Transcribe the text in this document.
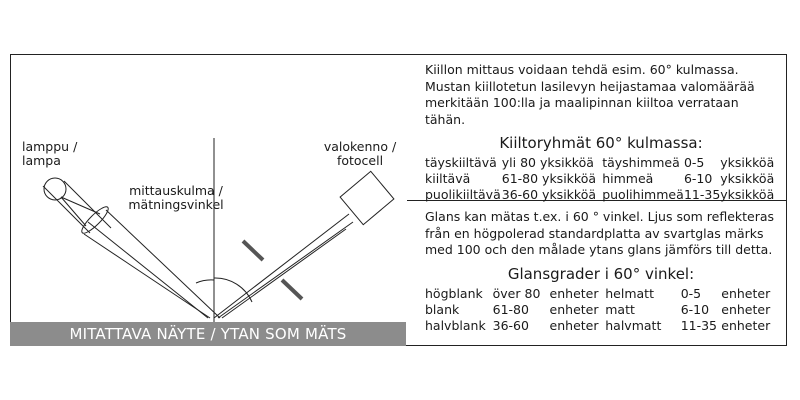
lamppu /
lampa
mittauskulma /
mätningsvinkel
valokenno /
fotocell
MITATTAVA NÄYTE / YTAN SOM MÄTS

Kiillon mittaus voidaan tehdä esim. 60° kulmassa. Mustan kiillotetun lasilevyn heijastamaa valomäärää merkitään 100:lla ja maalipinnan kiiltoa verrataan tähän.

Kiiltoryhmät 60° kulmassa:
täyskiiltävä	yli 80 yksikköä	täyshimmeä	0-5	yksikköä
kiiltävä	61-80 yksikköä	himmeä	6-10	yksikköä
puolikiiltävä	36-60 yksikköä	puolihimmeä	11-35	yksikköä

Glans kan mätas t.ex. i 60 ° vinkel. Ljus som reflekteras från en högpolerad standardplatta av svartglas märks med 100 och den målade ytans glans jämförs till detta.

Glansgrader i 60° vinkel:
högblank	över 80	enheter	helmatt	0-5	enheter
blank	61-80	enheter	matt	6-10	enheter
halvblank	36-60	enheter	halvmatt	11-35	enheter
